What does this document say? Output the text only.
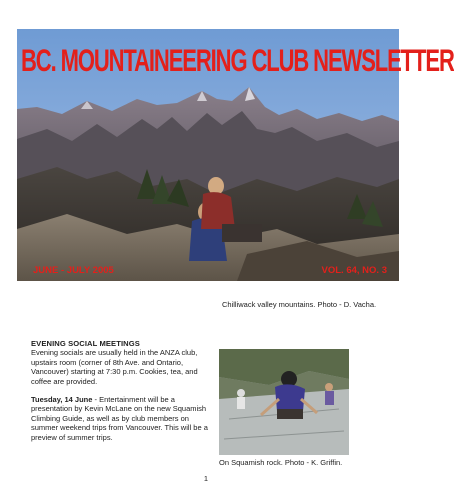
BC. MOUNTAINEERING CLUB NEWSLETTER
JUNE - JULY 2005	VOL. 64, NO. 3
Chilliwack valley mountains. Photo - D. Vacha.
EVENING SOCIAL MEETINGS

Evening socials are usually held in the ANZA club, upstairs room (corner of 8th Ave. and Ontario, Vancouver) starting at 7:30 p.m. Cookies, tea, and coffee are provided.

Tuesday, 14 June - Entertainment will be a presentation by Kevin McLane on the new Squamish Climbing Guide, as well as by club members on summer weekend trips from Vancouver. This will be a preview of summer trips.

On Squamish rock. Photo - K. Griffin.
1
